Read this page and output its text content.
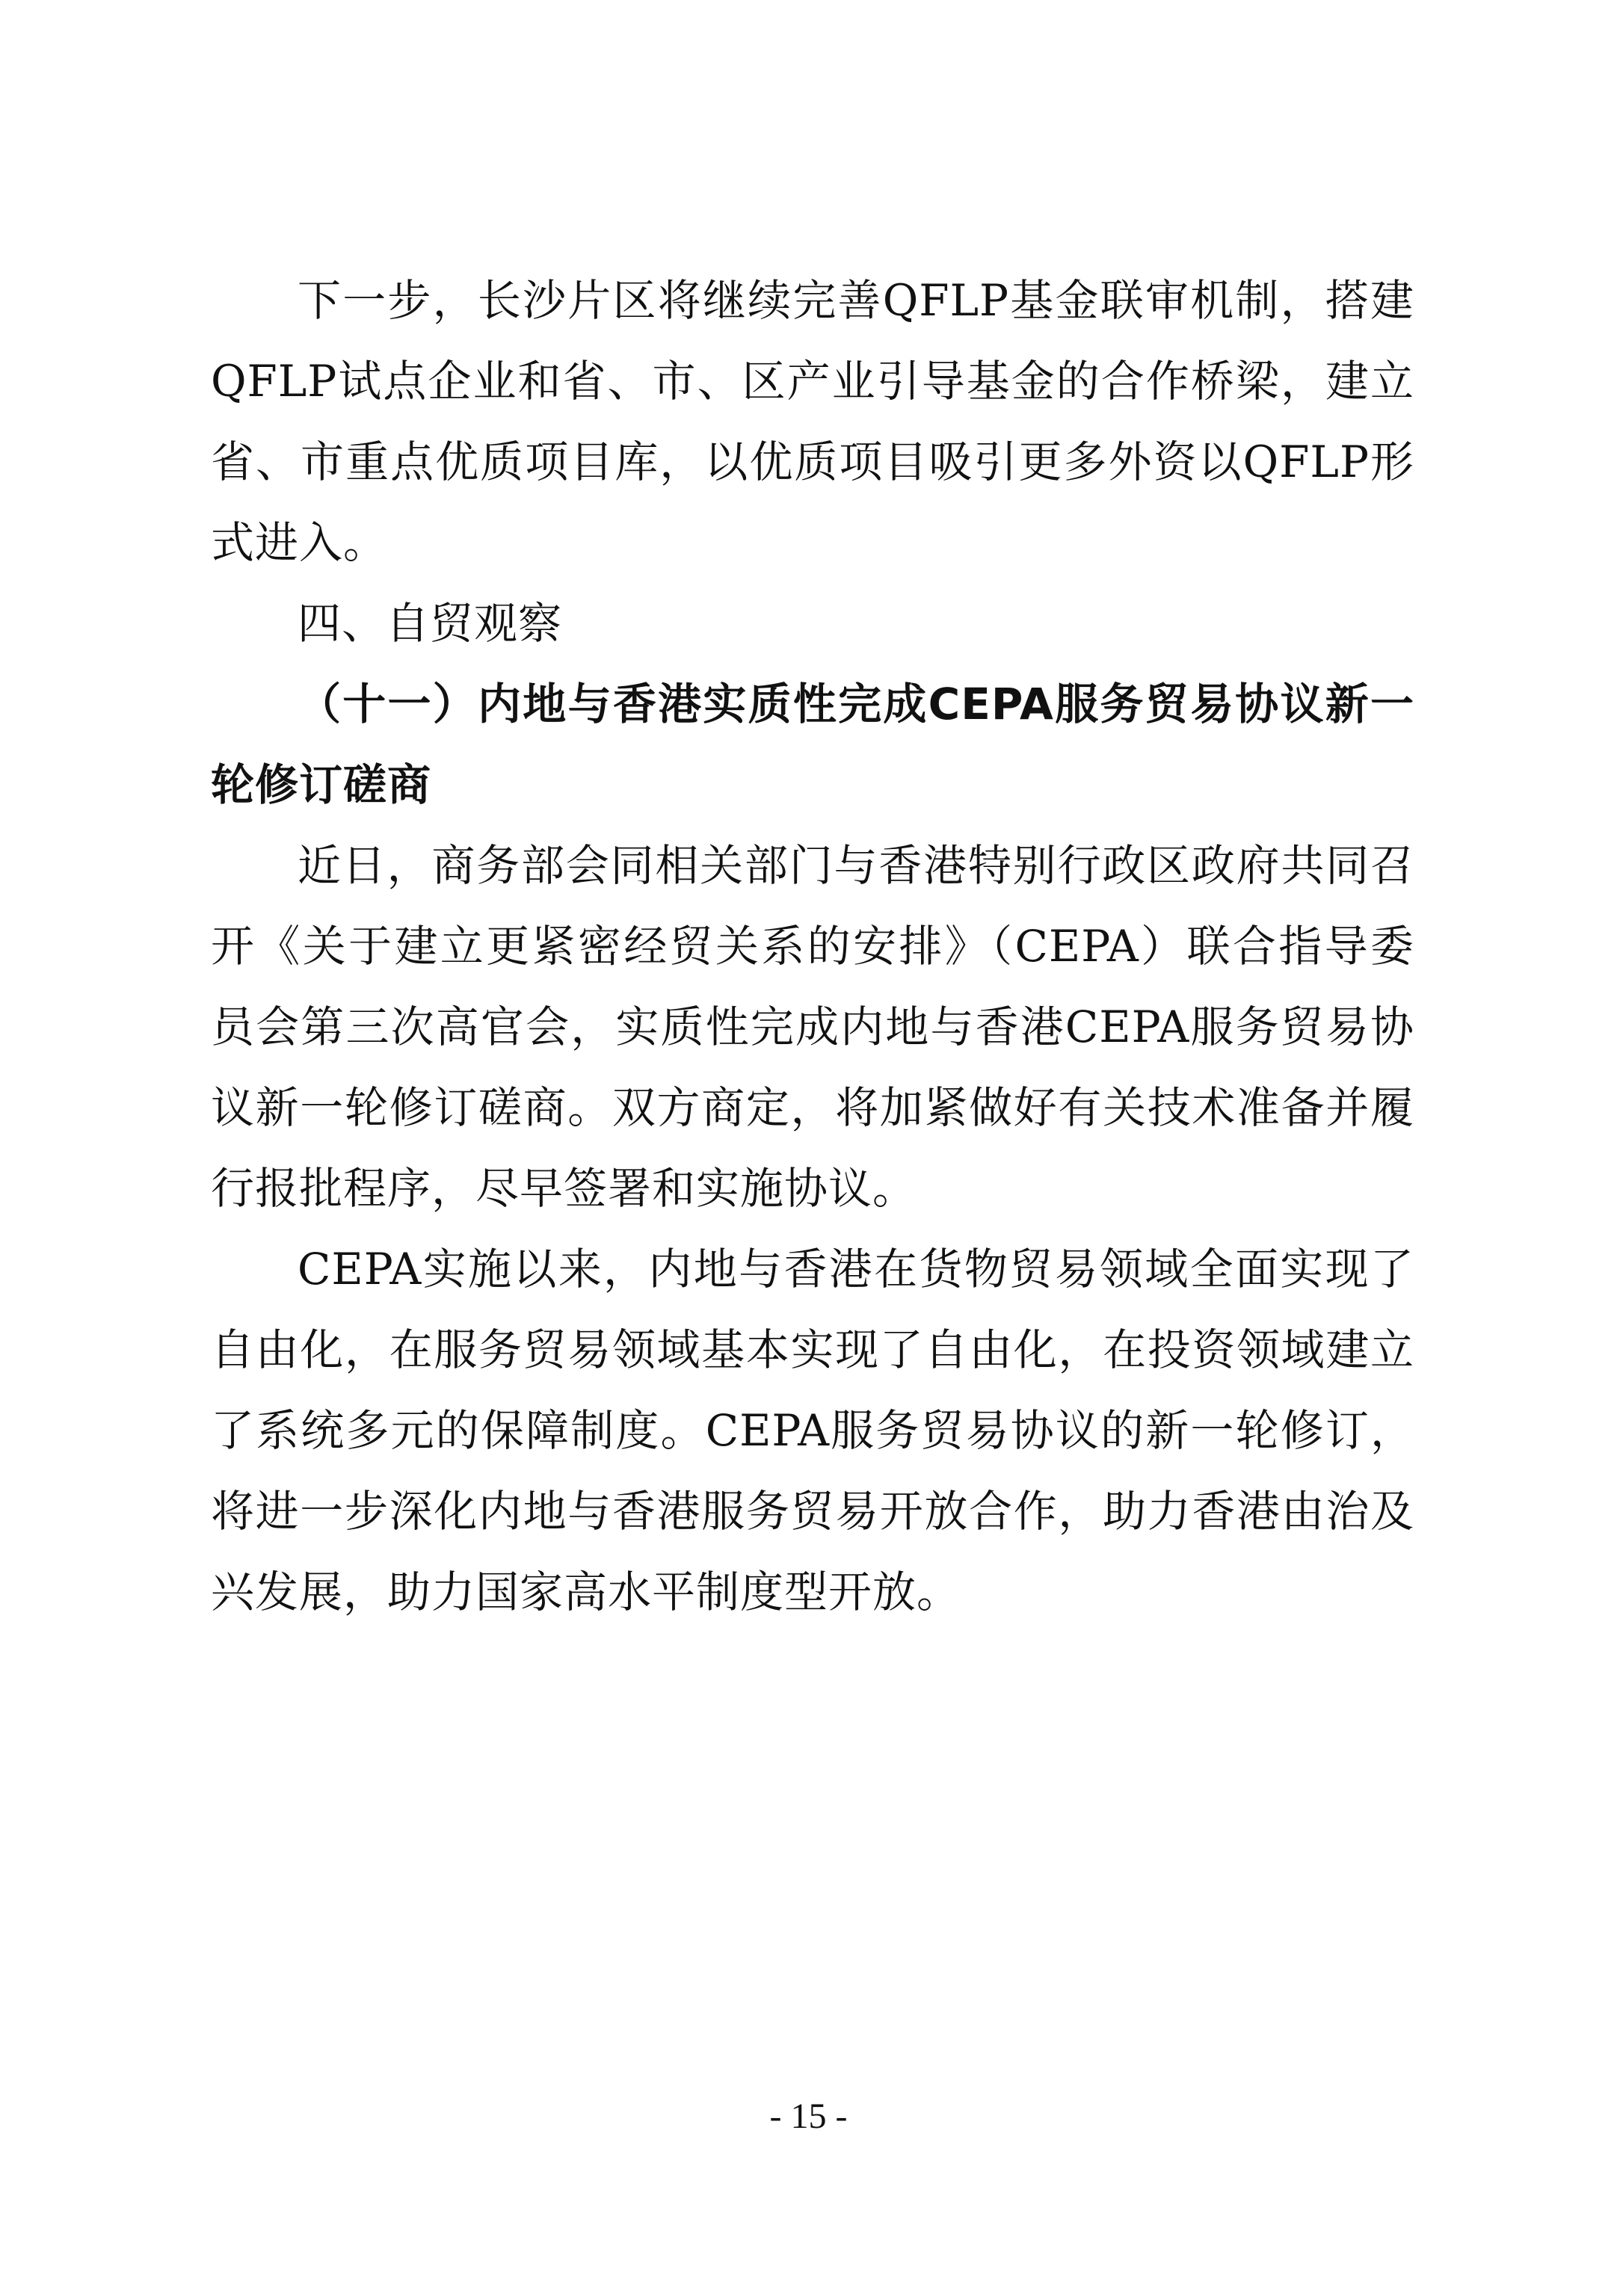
下一步，长沙片区将继续完善QFLP基金联审机制，搭建QFLP试点企业和省、市、区产业引导基金的合作桥梁，建立省、市重点优质项目库，以优质项目吸引更多外资以QFLP形式进入。

四、自贸观察

（十一）内地与香港实质性完成CEPA服务贸易协议新一轮修订磋商

近日，商务部会同相关部门与香港特别行政区政府共同召开《关于建立更紧密经贸关系的安排》（CEPA）联合指导委员会第三次高官会，实质性完成内地与香港CEPA服务贸易协议新一轮修订磋商。双方商定，将加紧做好有关技术准备并履行报批程序，尽早签署和实施协议。

CEPA实施以来，内地与香港在货物贸易领域全面实现了自由化，在服务贸易领域基本实现了自由化，在投资领域建立了系统多元的保障制度。CEPA服务贸易协议的新一轮修订，将进一步深化内地与香港服务贸易开放合作，助力香港由治及兴发展，助力国家高水平制度型开放。

- 15 -
